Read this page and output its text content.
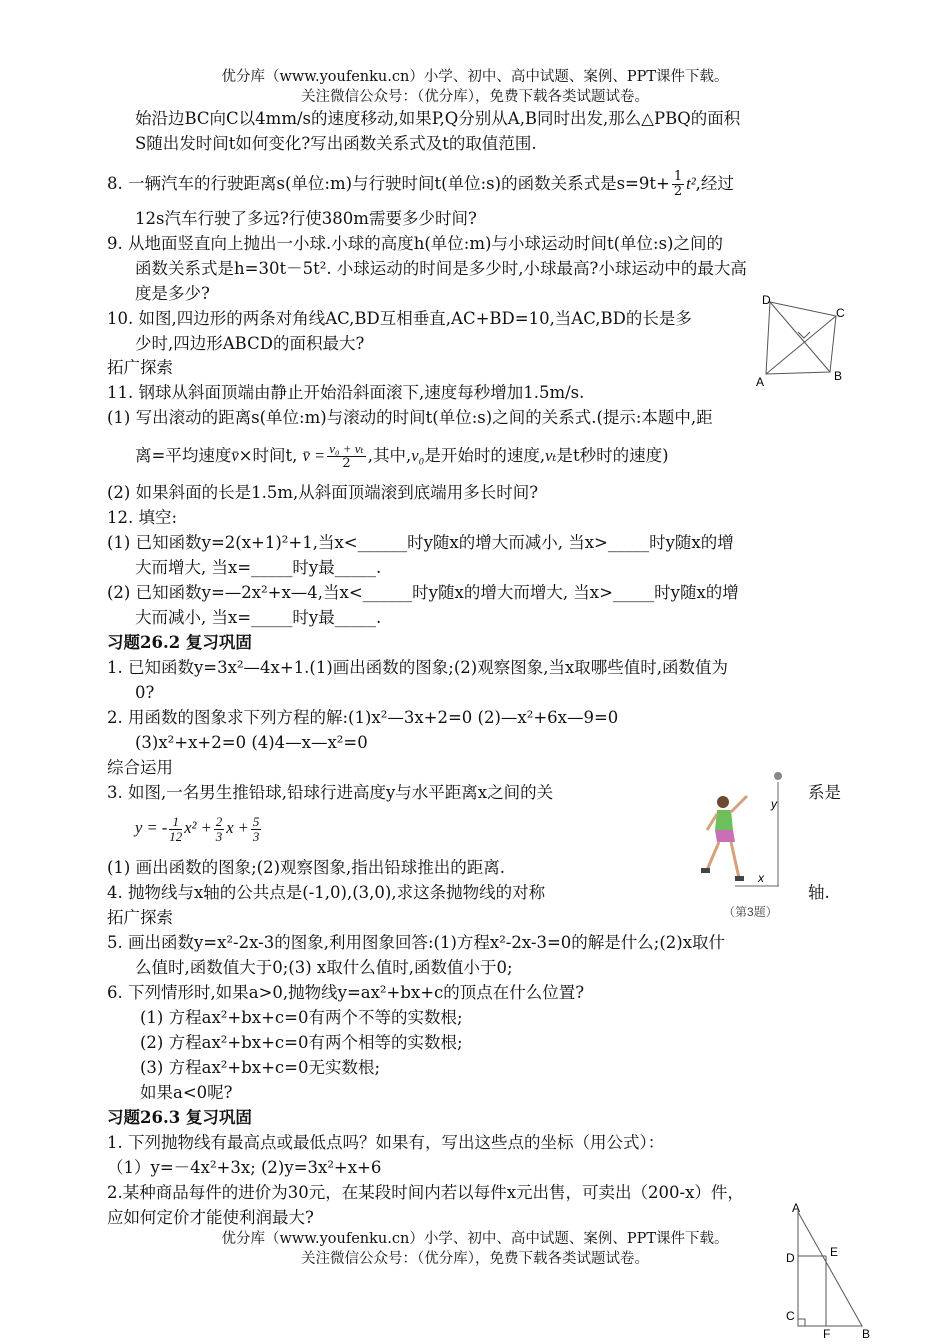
优分库（www.youfenku.cn）小学、初中、高中试题、案例、PPT课件下载。
关注微信公众号：（优分库），免费下载各类试题试卷。
始沿边BC向C以4mm/s的速度移动,如果P,Q分别从A,B同时出发,那么△PBQ的面积
S随出发时间t如何变化?写出函数关系式及t的取值范围.
8. 一辆汽车的行驶距离s(单位:m)与行驶时间t(单位:s)的函数关系式是$s=9t+ \frac{1}{2} t^2$,经过
12s汽车行驶了多远?行使380m需要多少时间?
9. 从地面竖直向上抛出一小球.小球的高度h(单位:m)与小球运动时间t(单位:s)之间的
函数关系式是h=30t－5t². 小球运动的时间是多少时,小球最高?小球运动中的最大高
度是多少?
10. 如图,四边形的两条对角线AC,BD互相垂直,AC+BD=10,当AC,BD的长是多
少时,四边形ABCD的面积最大?
D
C
A	B
拓广探索
11. 钢球从斜面顶端由静止开始沿斜面滚下,速度每秒增加1.5m/s.
(1) 写出滚动的距离s(单位:m)与滚动的时间t(单位:s)之间的关系式.(提示:本题中,距
离=平均速度v̄×时间t, v̄ = $\frac{\text{v₀ + vₜ}}{2}$ ,其中,v₀是开始时的速度,vₜ是t秒时的速度)
(2) 如果斜面的长是1.5m,从斜面顶端滚到底端用多长时间?
12. 填空:
(1) 已知函数y=2(x+1)²+1,当x<______时y随x的增大而减小, 当x>_____时y随x的增
大而增大, 当x=_____时y最_____.
(2) 已知函数y=—2x²+x—4,当x<______时y随x的增大而增大, 当x>_____时y随x的增
大而减小, 当x=_____时y最_____.
习题26.2 复习巩固
1. 已知函数y=3x²—4x+1.(1)画出函数的图象;(2)观察图象,当x取哪些值时,函数值为
0?
2. 用函数的图象求下列方程的解:(1)x²—3x+2=0 (2)—x²+6x—9=0
(3)x²+x+2=0 (4)4—x—x²=0
综合运用
3. 如图,一名男生推铅球,铅球行进高度y与水平距离x之间的关	系是
y = - $\frac{1}{12} x^2 + \frac{2}{3}$ $x + \frac{5}{3}$
y
x
（第3题）
(1) 画出函数的图象;(2)观察图象,指出铅球推出的距离.
4. 抛物线与x轴的公共点是(-1,0),(3,0),求这条抛物线的对称	轴.
拓广探索
5. 画出函数y=x²-2x-3的图象,利用图象回答:(1)方程x²-2x-3=0的解是什么;(2)x取什
么值时,函数值大于0;(3) x取什么值时,函数值小于0;
6. 下列情形时,如果a>0,抛物线y=ax²+bx+c的顶点在什么位置?
(1) 方程ax²+bx+c=0有两个不等的实数根;
(2) 方程ax²+bx+c=0有两个相等的实数根;
(3) 方程ax²+bx+c=0无实数根;
如果a<0呢?
习题26.3 复习巩固
1. 下列抛物线有最高点或最低点吗？如果有，写出这些点的坐标（用公式）：
（1）y=－4x²+3x; (2)y=3x²+x+6
2.某种商品每件的进价为30元，在某段时间内若以每件x元出售，可卖出（200-x）件，
应如何定价才能使利润最大?
优分库（www.youfenku.cn）小学、初中、高中试题、案例、PPT课件下载。
关注微信公众号：（优分库），免费下载各类试题试卷。
A
D	E
C
F	B
